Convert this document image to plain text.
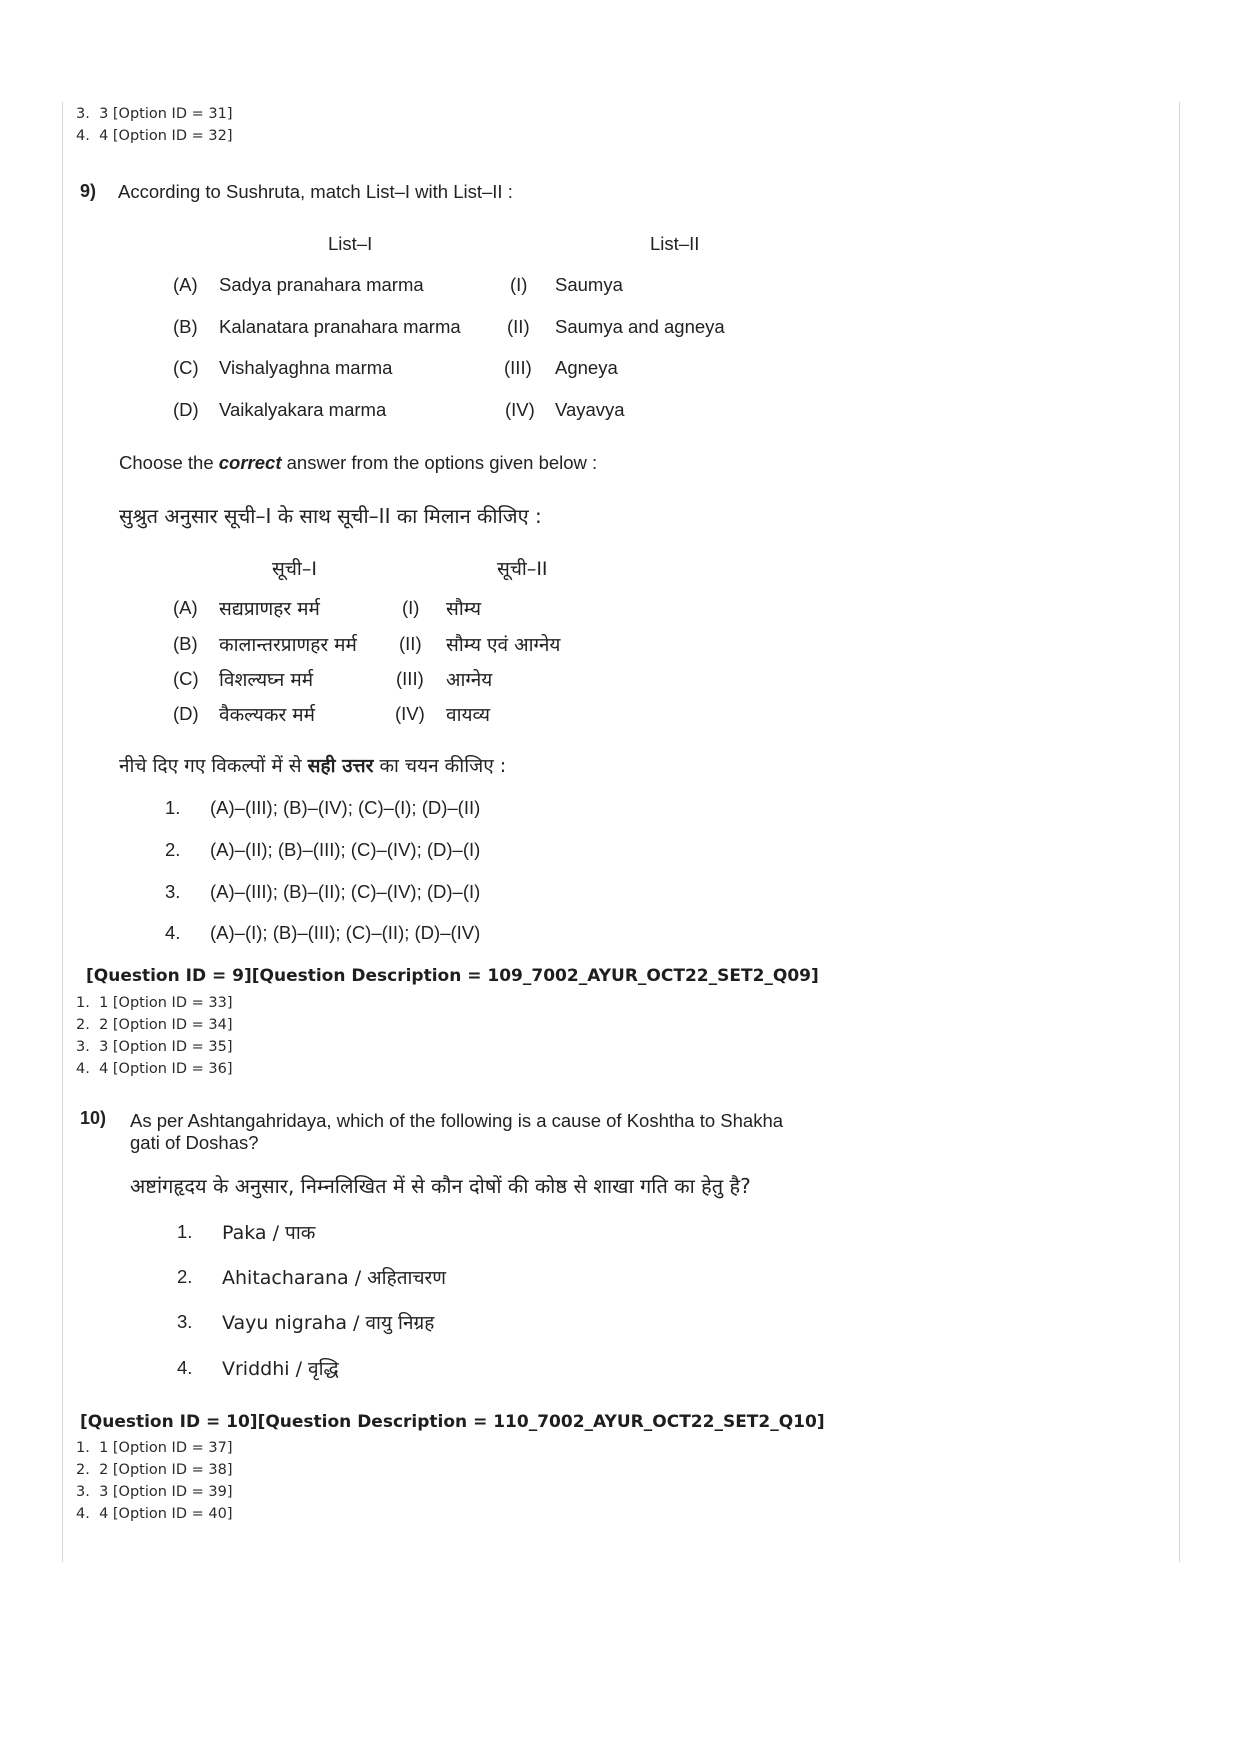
3. 3 [Option ID = 31]
4. 4 [Option ID = 32]
9) According to Sushruta, match List–I with List–II :
List–I	List–II
(A) Sadya pranahara marma	(I) Saumya
(B) Kalanatara pranahara marma	(II) Saumya and agneya
(C) Vishalyaghna marma	(III) Agneya
(D) Vaikalyakara marma	(IV) Vayavya
Choose the correct answer from the options given below :
सुश्रुत अनुसार सूची–I के साथ सूची–II का मिलान कीजिए :
सूची–I	सूची–II
(A) सद्यप्राणहर मर्म	(I) सौम्य
(B) कालान्तरप्राणहर मर्म (II) सौम्य एवं आग्नेय
(C) विशल्यघ्न मर्म	(III) आग्नेय
(D) वैकल्यकर मर्म	(IV) वायव्य
नीचे दिए गए विकल्पों में से सही उत्तर का चयन कीजिए :
1. (A)–(III); (B)–(IV); (C)–(I); (D)–(II)
2. (A)–(II); (B)–(III); (C)–(IV); (D)–(I)
3. (A)–(III); (B)–(II); (C)–(IV); (D)–(I)
4. (A)–(I); (B)–(III); (C)–(II); (D)–(IV)
[Question ID = 9][Question Description = 109_7002_AYUR_OCT22_SET2_Q09]
1. 1 [Option ID = 33]
2. 2 [Option ID = 34]
3. 3 [Option ID = 35]
4. 4 [Option ID = 36]
10) As per Ashtangahridaya, which of the following is a cause of Koshtha to Shakha
gati of Doshas?
अष्टांगहृदय के अनुसार, निम्नलिखित में से कौन दोषों की कोष्ठ से शाखा गति का हेतु है?
1. Paka / पाक
2. Ahitacharana / अहिताचरण
3. Vayu nigraha / वायु निग्रह
4. Vriddhi / वृद्धि
[Question ID = 10][Question Description = 110_7002_AYUR_OCT22_SET2_Q10]
1. 1 [Option ID = 37]
2. 2 [Option ID = 38]
3. 3 [Option ID = 39]
4. 4 [Option ID = 40]
